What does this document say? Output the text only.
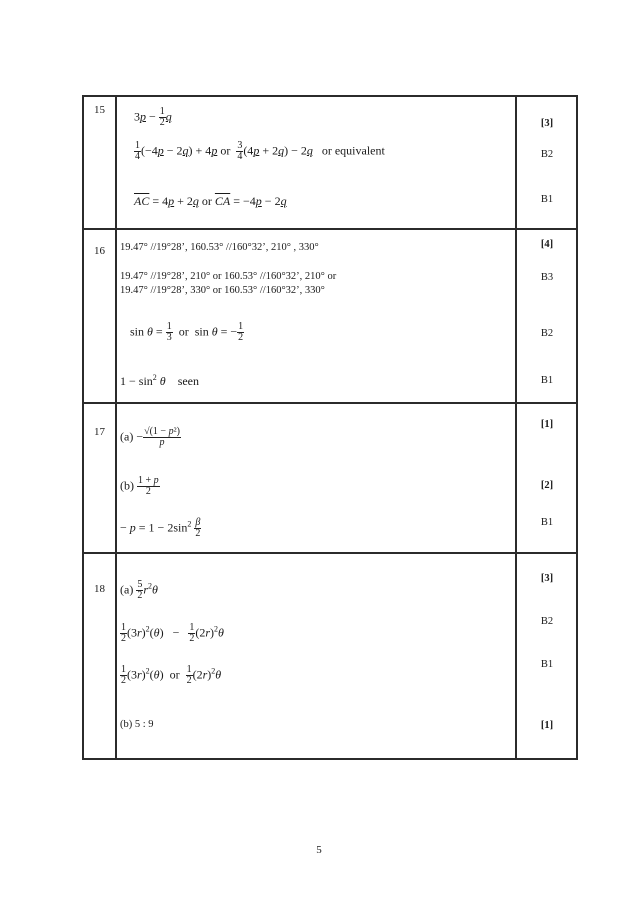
15 $3p - \frac{1}{2}$ q
$\frac{1}{4} (-4p - 2q) + 4p$ or $\frac{3}{4} (4p + 2q) - 2q$ or equivalent
$\overline{AC} = 4p + 2q$ or $\overline{CA} = -4p - 2q$
[3]
B2
B1
16 19.47° //19°28’, 160.53° //160°32’, 210° , 330°
19.47° //19°28’, 210° or 160.53° //160°32’, 210° or
19.47° //19°28’, 330° or 160.53° //160°32’, 330°
$\sin \theta = \frac{1}{3}$ or  sin θ = − $\frac{1}{2}$
$1 - \sin^2 \theta$ seen
[4]
B3
B2
B1
17 $(a) - \frac{\text{√(1 − p²)}}{p}$
$(b) \frac{1 + p}{2}$
− $p = 1 - 2\sin^2 \frac{\beta}{2}$
[1]
[2]
B1
18 $(a) \frac{5}{2} r^2\theta$
$\frac{1}{2} (3r)^2(\theta) - \frac{1}{2} (2r)^2\theta$
$\frac{1}{2} (3r)^2(\theta)$  or $\frac{1}{2} (2r)^2\theta$
(b) 5 : 9
[3]
B2
B1
[1]
5
